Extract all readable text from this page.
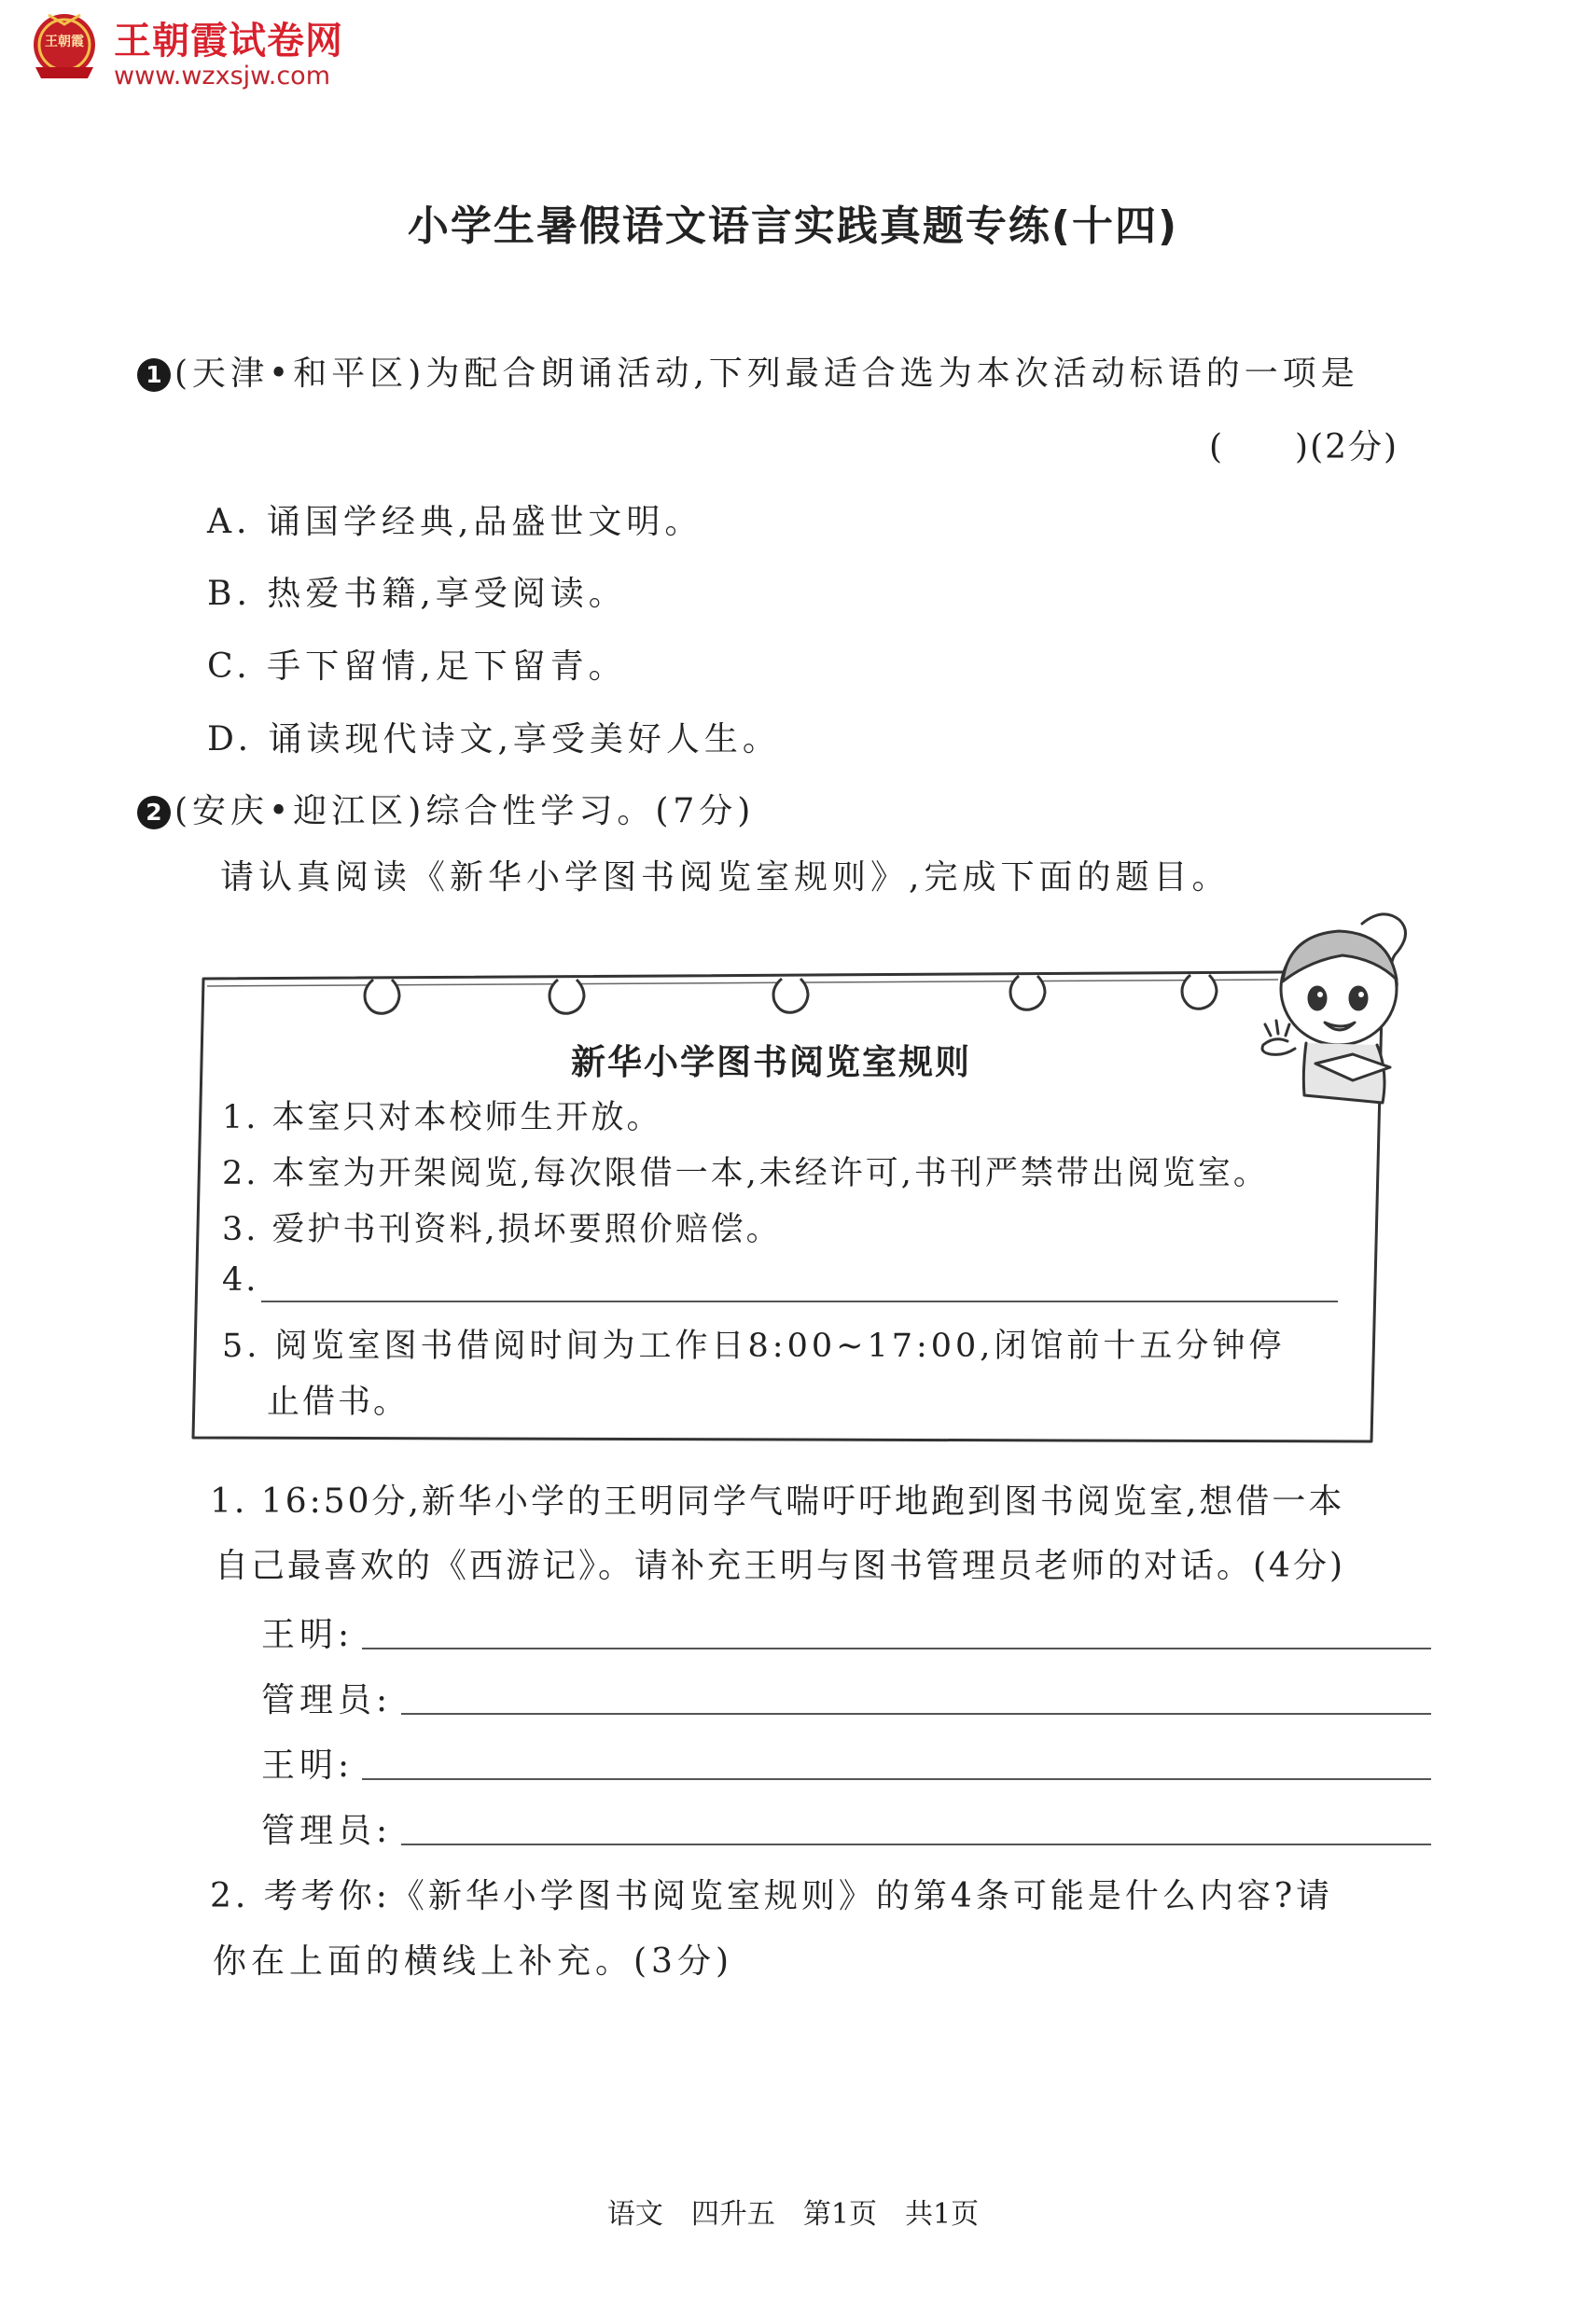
王朝霞 王朝霞试卷网
www.wzxsjw.com
小学生暑假语文语言实践真题专练(十四)
1 (天津•和平区)为配合朗诵活动,下列最适合选为本次活动标语的一项是
(　　)(2分)
A. 诵国学经典,品盛世文明。
B. 热爱书籍,享受阅读。
C. 手下留情,足下留青。
D. 诵读现代诗文,享受美好人生。
2 (安庆•迎江区)综合性学习。(7分)
请认真阅读《新华小学图书阅览室规则》,完成下面的题目。
新华小学图书阅览室规则
1. 本室只对本校师生开放。
2. 本室为开架阅览,每次限借一本,未经许可,书刊严禁带出阅览室。
3. 爱护书刊资料,损坏要照价赔偿。
4.
5. 阅览室图书借阅时间为工作日8:00~17:00,闭馆前十五分钟停
止借书。
1. 16:50分,新华小学的王明同学气喘吁吁地跑到图书阅览室,想借一本
自己最喜欢的《西游记》。请补充王明与图书管理员老师的对话。(4分)
王明:
管理员:
王明:
管理员:
2. 考考你:《新华小学图书阅览室规则》的第4条可能是什么内容?请
你在上面的横线上补充。(3分)
语文　四升五　第1页　共1页
